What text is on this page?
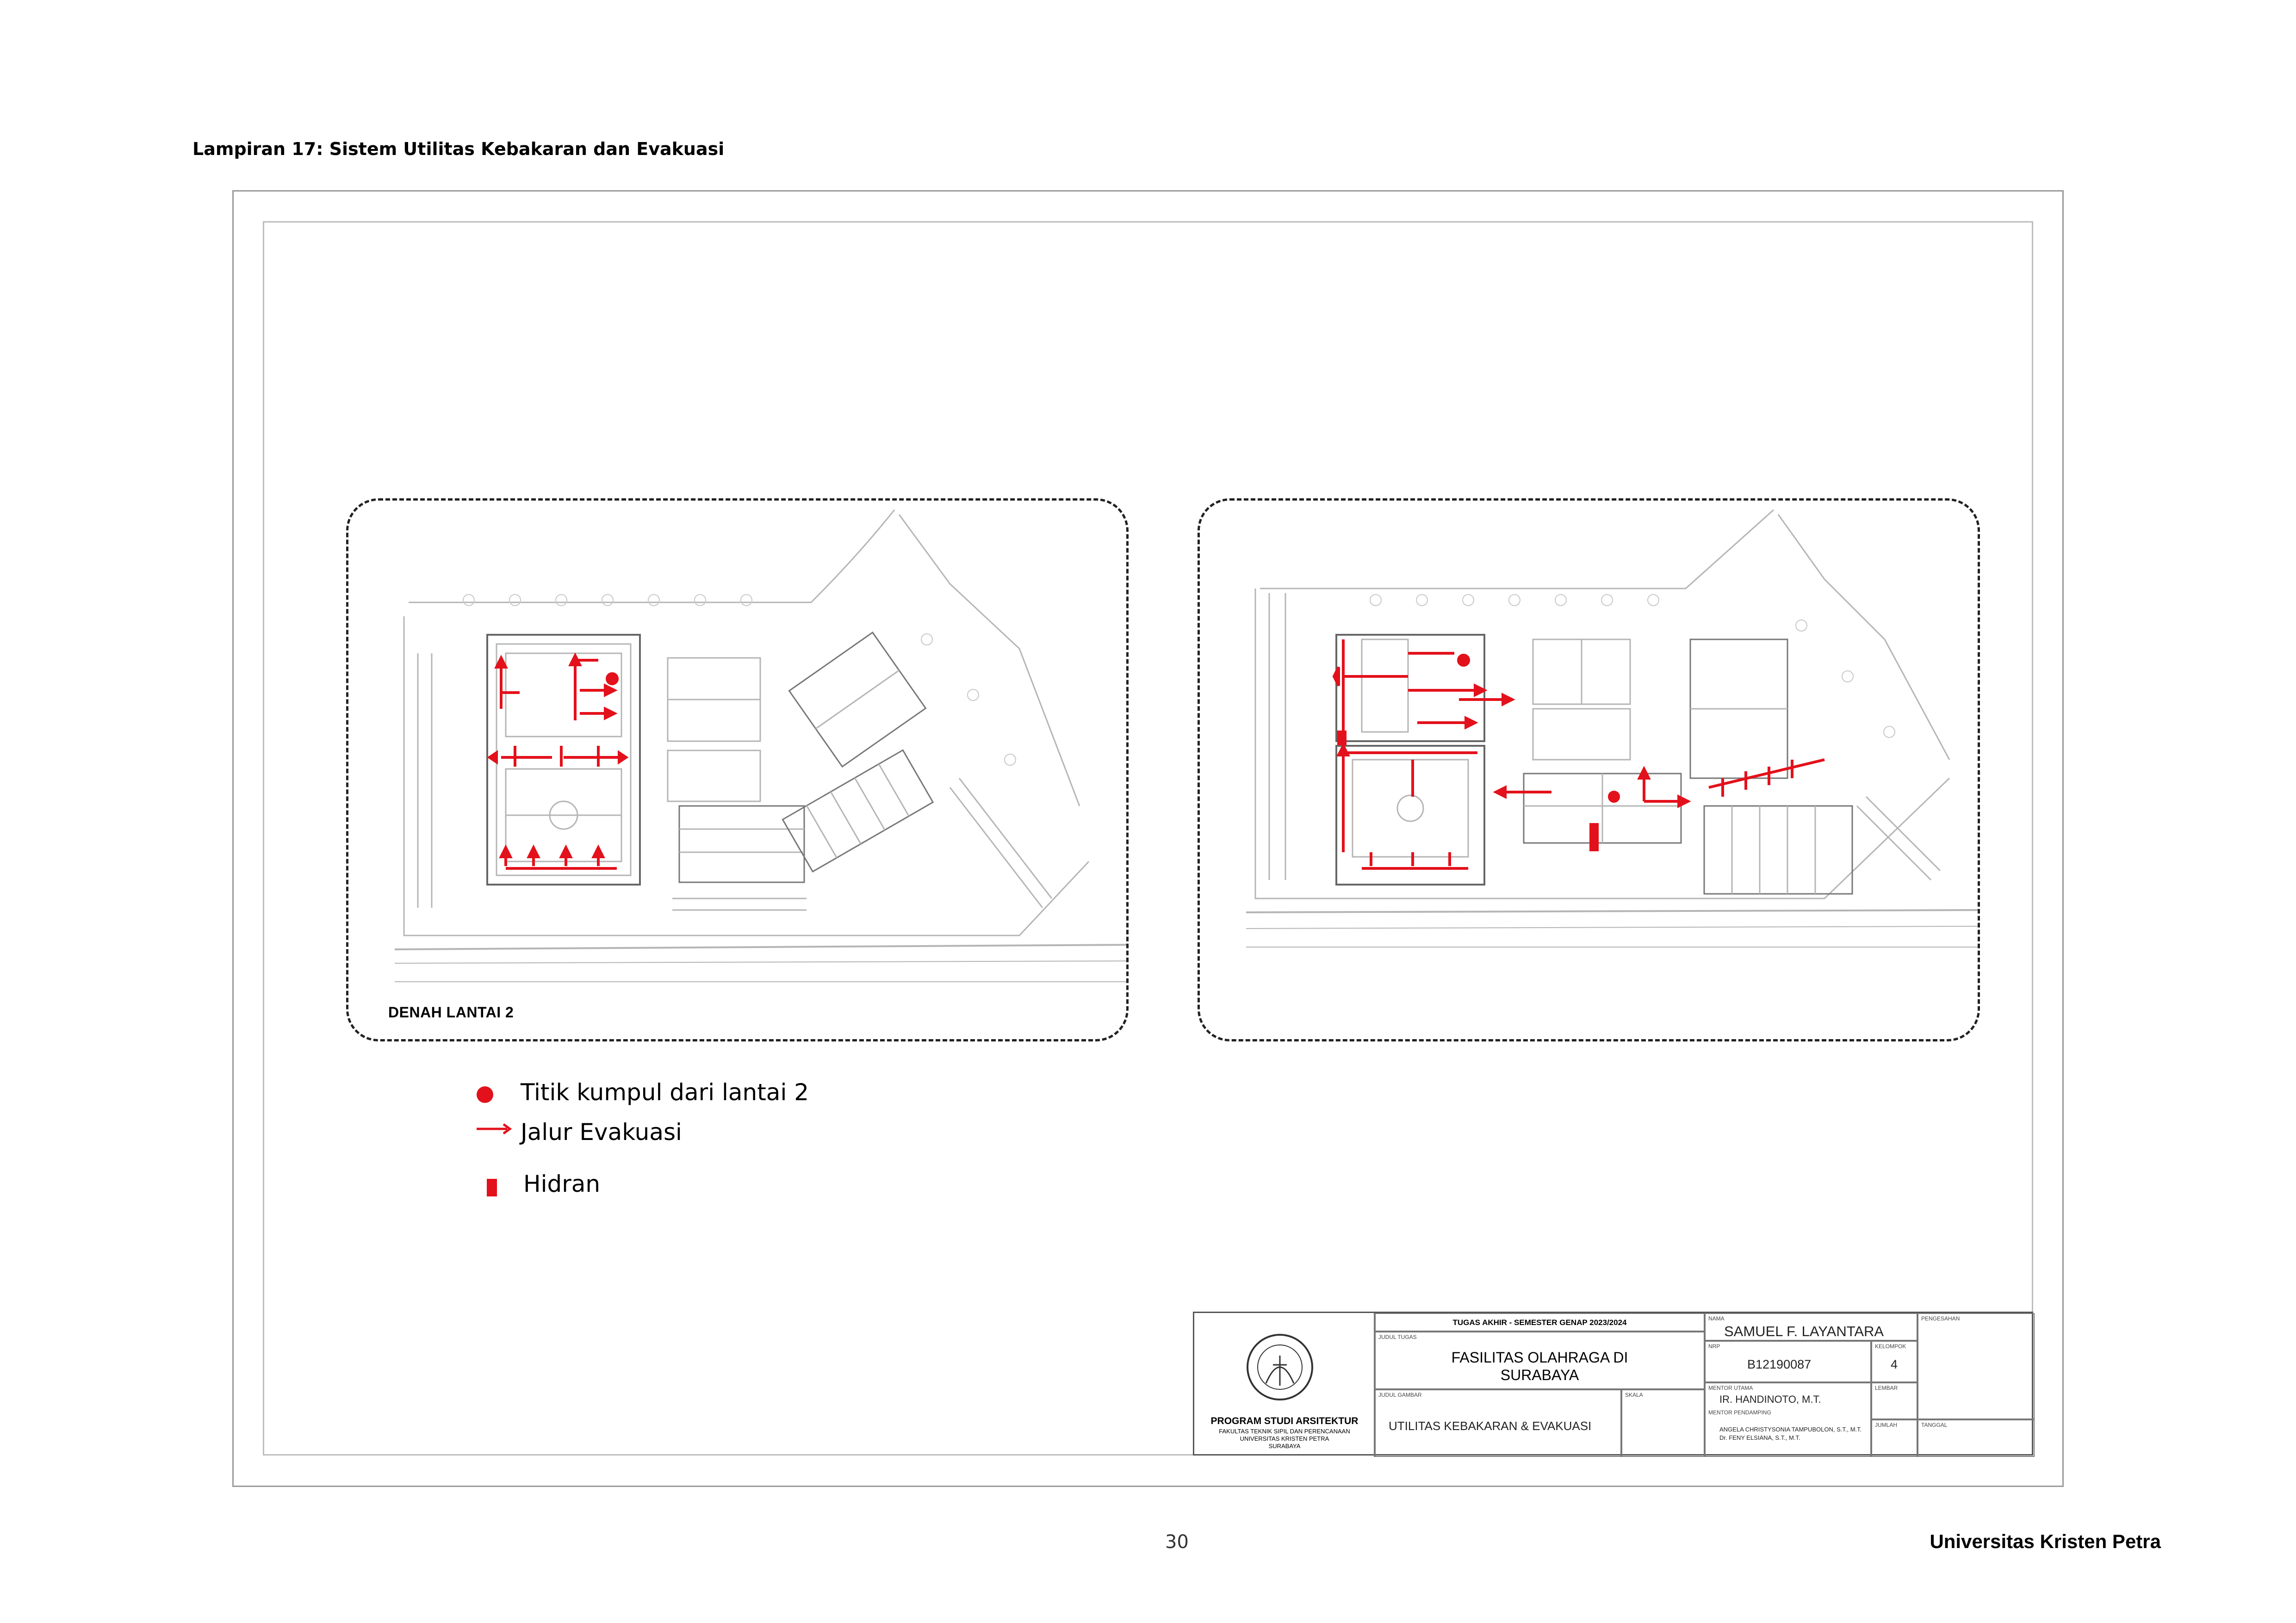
Lampiran 17: Sistem Utilitas Kebakaran dan Evakuasi
DENAH LANTAI 2
Titik kumpul dari lantai 2
Jalur Evakuasi
Hidran
PROGRAM STUDI ARSITEKTUR
FAKULTAS TEKNIK SIPIL DAN PERENCANAAN
UNIVERSITAS KRISTEN PETRA
SURABAYA
TUGAS AKHIR - SEMESTER GENAP 2023/2024
JUDUL TUGAS
FASILITAS OLAHRAGA DI
SURABAYA
JUDUL GAMBAR
UTILITAS KEBAKARAN & EVAKUASI
SKALA
NAMA
SAMUEL F. LAYANTARA
NRP
B12190087
KELOMPOK
4
MENTOR UTAMA
IR. HANDINOTO, M.T.
MENTOR PENDAMPING
ANGELA CHRISTYSONIA TAMPUBOLON, S.T., M.T.
Dr. FENY ELSIANA, S.T., M.T.
LEMBAR
JUMLAH
PENGESAHAN
TANGGAL
30	Universitas Kristen Petra
